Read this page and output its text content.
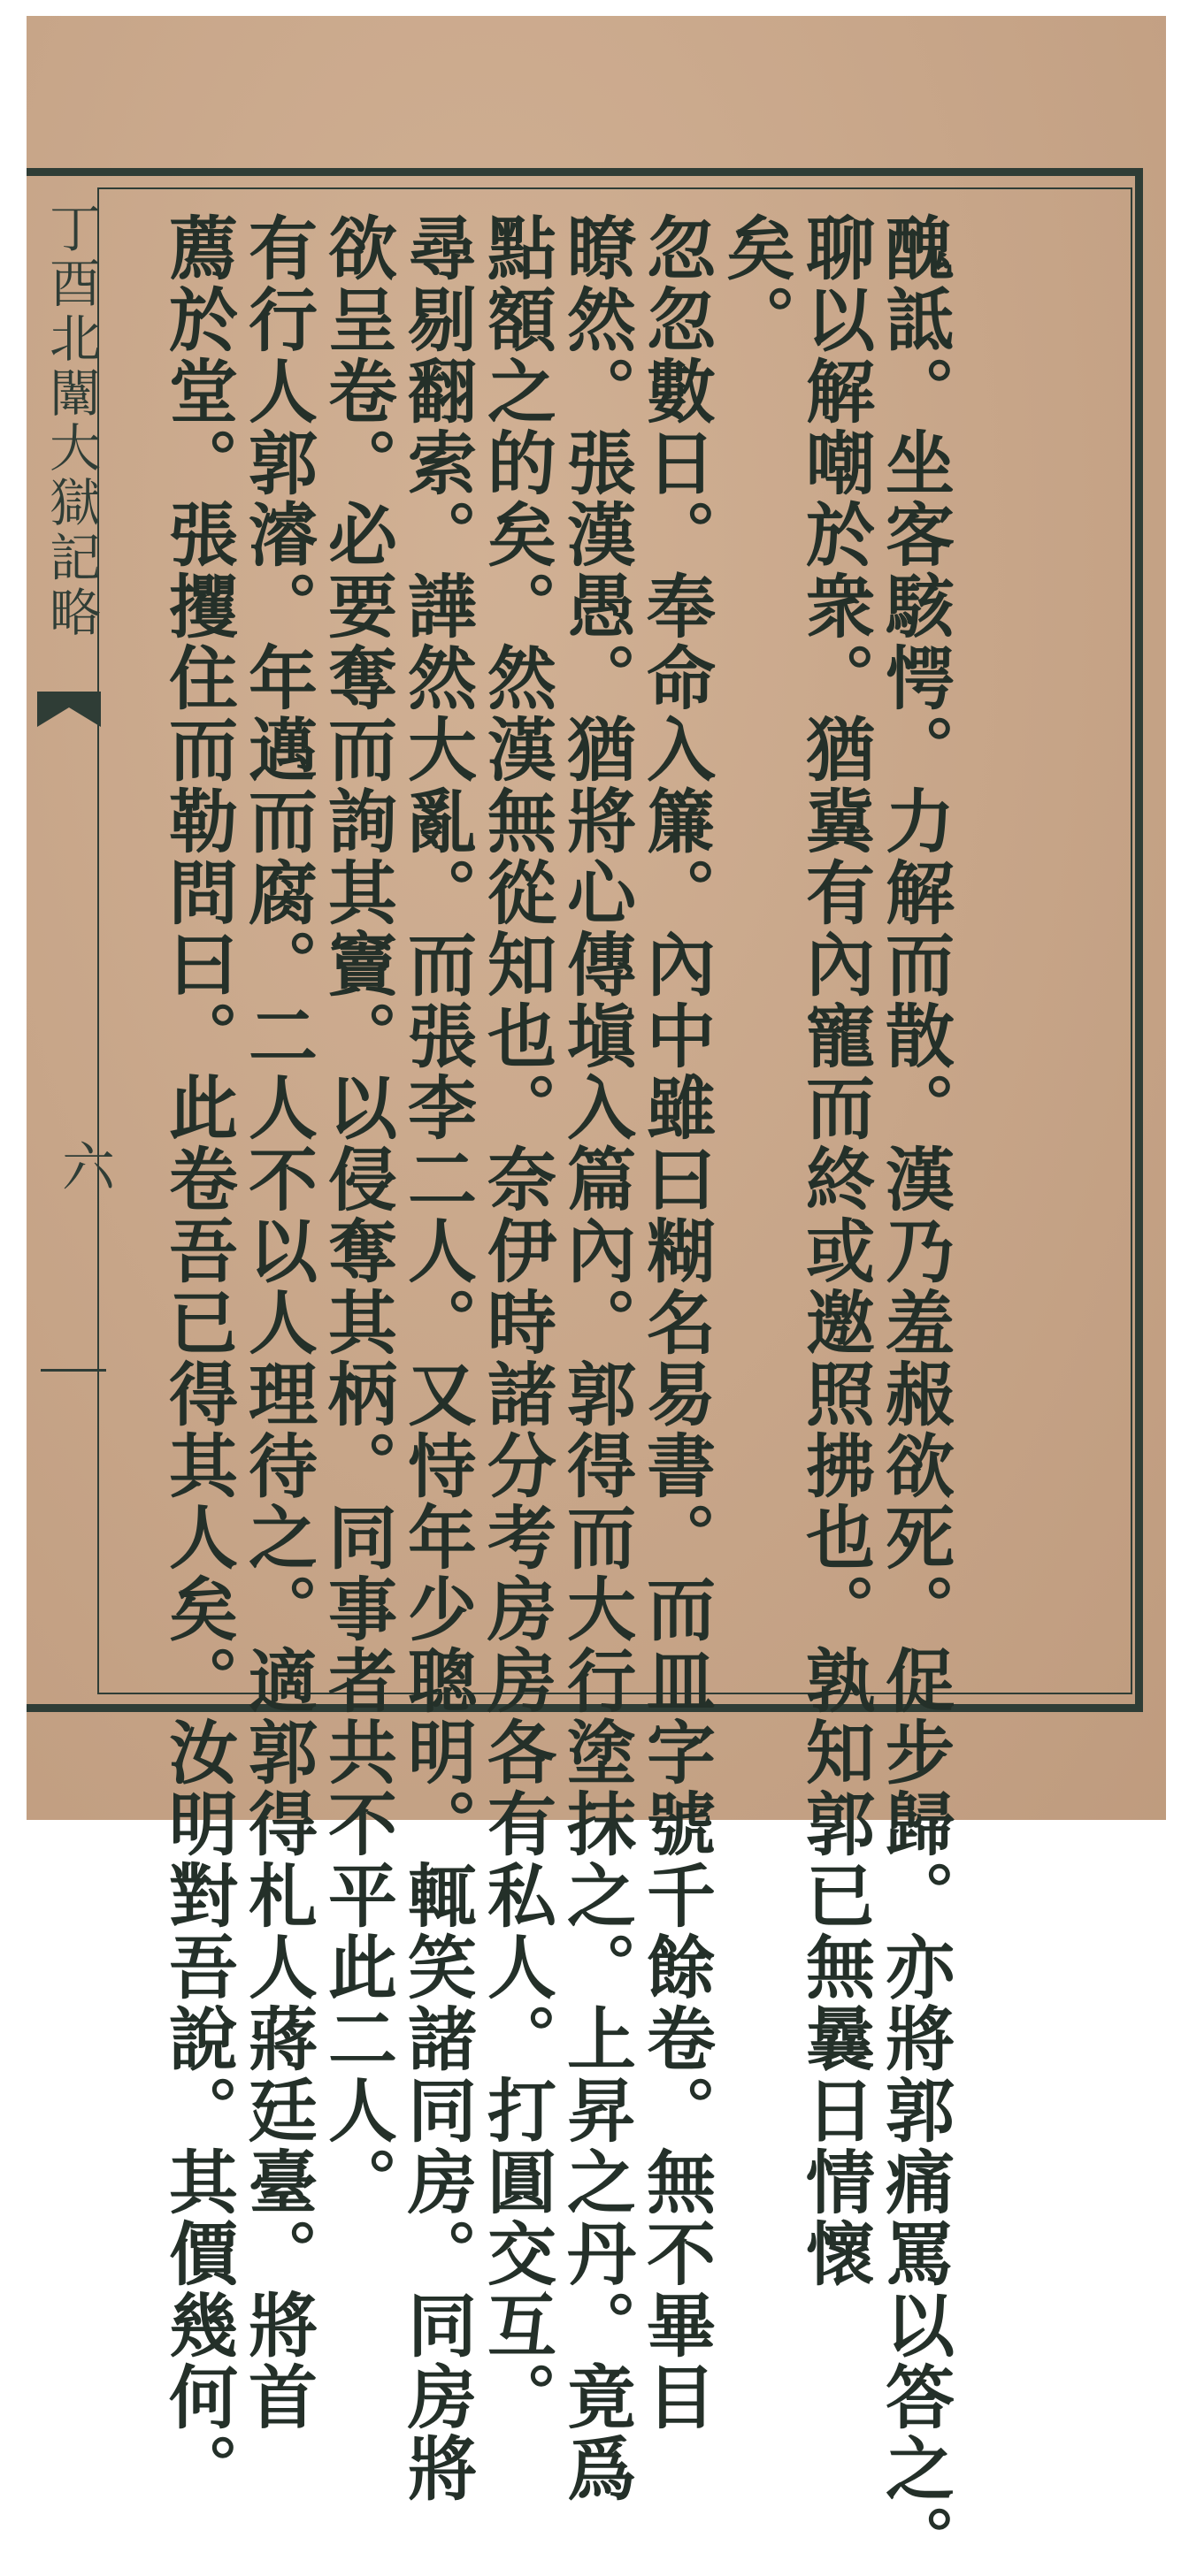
丁酉北闈大獄記略
六	醜詆。坐客駭愕。力解而散。漢乃羞赧欲死。促步歸。亦將郭痛罵以答之。
聊以解嘲於衆。猶冀有內寵而終或邀照拂也。孰知郭已無曩日情懷
矣。
忽忽數日。奉命入簾。內中雖曰糊名易書。而皿字號千餘卷。無不畢目
瞭然。張漢愚。猶將心傳塡入篇內。郭得而大行塗抹之。上昇之丹。竟爲
點額之的矣。然漢無從知也。奈伊時諸分考房房各有私人。打圓交互。
尋剔翻索。譁然大亂。而張李二人。又恃年少聰明。輒笑諸同房。同房將
欲呈卷。必要奪而詢其竇。以侵奪其柄。同事者共不平此二人。
有行人郭濬。年邁而腐。二人不以人理待之。適郭得札人蔣廷臺。將首
薦於堂。張攫住而勒問曰。此卷吾已得其人矣。汝明對吾說。其價幾何。
